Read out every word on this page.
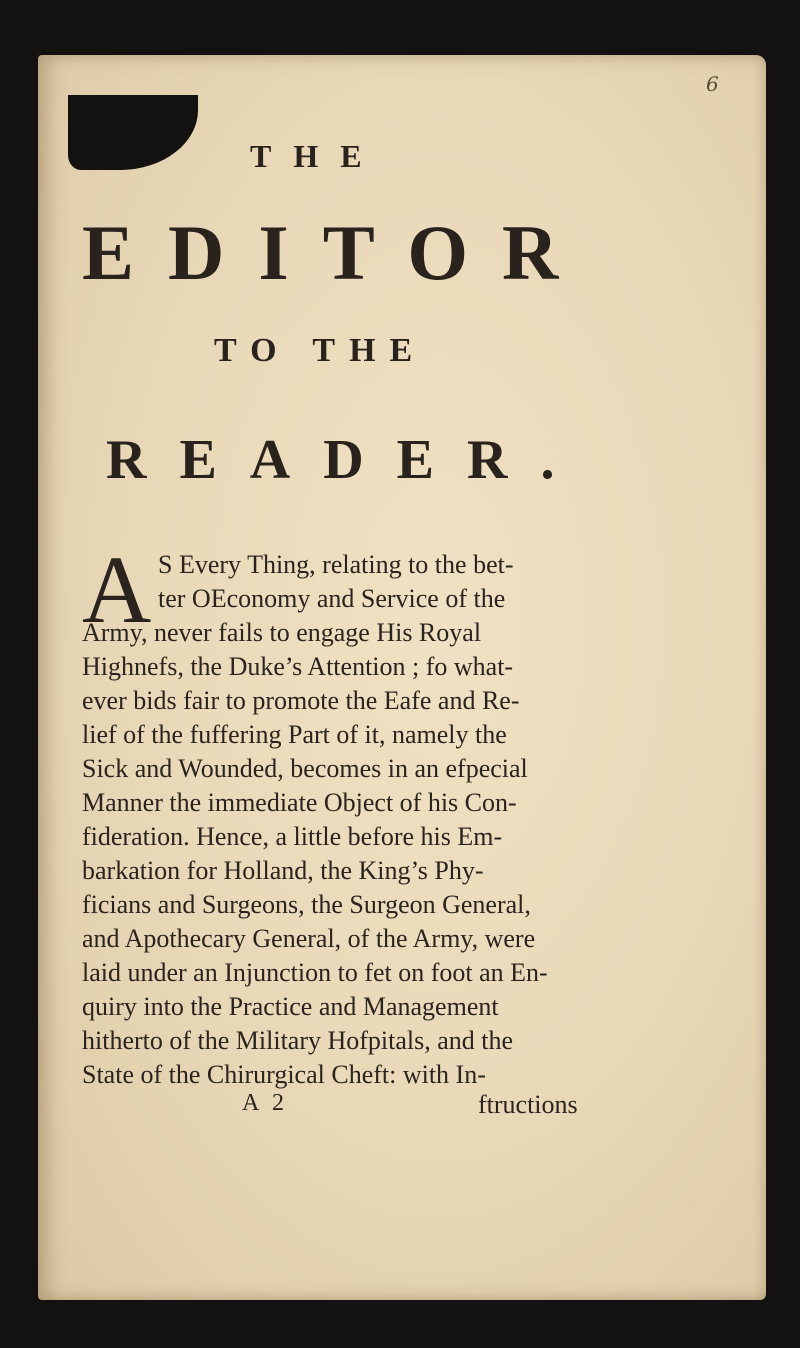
6
THE
EDITOR
TO THE
READER.
A S Every Thing, relating to the bet-
ter OEconomy and Service of the
Army, never fails to engage His Royal
Highnefs, the Duke’s Attention ; fo what-
ever bids fair to promote the Eafe and Re-
lief of the fuffering Part of it, namely the
Sick and Wounded, becomes in an efpecial
Manner the immediate Object of his Con-
fideration. Hence, a little before his Em-
barkation for Holland, the King’s Phy-
ficians and Surgeons, the Surgeon General,
and Apothecary General, of the Army, were
laid under an Injunction to fet on foot an En-
quiry into the Practice and Management
hitherto of the Military Hofpitals, and the
State of the Chirurgical Cheft: with In-
A 2	ftructions
